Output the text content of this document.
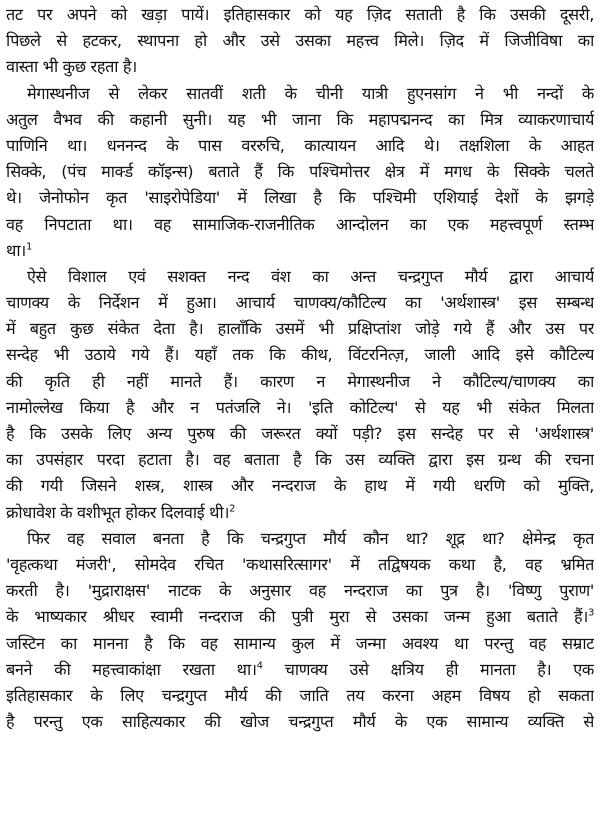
तट पर अपने को खड़ा पायें। इतिहासकार को यह ज़िद सताती है कि उसकी दूसरी,
पिछले से हटकर, स्थापना हो और उसे उसका महत्त्व मिले। ज़िद में जिजीविषा का
वास्ता भी कुछ रहता है।
मेगास्थनीज से लेकर सातवीं शती के चीनी यात्री हुएनसांग ने भी नन्दों के
अतुल वैभव की कहानी सुनी। यह भी जाना कि महापद्मनन्द का मित्र व्याकरणाचार्य
पाणिनि था। धननन्द के पास वररुचि, कात्यायन आदि थे। तक्षशिला के आहत
सिक्के, (पंच मार्क्ड कॉइन्स) बताते हैं कि पश्चिमोत्तर क्षेत्र में मगध के सिक्के चलते
थे। जेनोफोन कृत 'साइरोपेडिया' में लिखा है कि पश्चिमी एशियाई देशों के झगड़े
वह निपटाता था। वह सामाजिक-राजनीतिक आन्दोलन का एक महत्त्वपूर्ण स्तम्भ
था।$^1$
ऐसे विशाल एवं सशक्त नन्द वंश का अन्त चन्द्रगुप्त मौर्य द्वारा आचार्य
चाणक्य के निर्देशन में हुआ। आचार्य चाणक्य/कौटिल्य का 'अर्थशास्त्र' इस सम्बन्ध
में बहुत कुछ संकेत देता है। हालाँकि उसमें भी प्रक्षिप्तांश जोड़े गये हैं और उस पर
सन्देह भी उठाये गये हैं। यहाँ तक कि कीथ, विंटरनित्ज़, जाली आदि इसे कौटिल्य
की कृति ही नहीं मानते हैं। कारण न मेगास्थनीज ने कौटिल्य/चाणक्य का
नामोल्लेख किया है और न पतंजलि ने। 'इति कोटिल्य' से यह भी संकेत मिलता
है कि उसके लिए अन्य पुरुष की जरूरत क्यों पड़ी? इस सन्देह पर से 'अर्थशास्त्र'
का उपसंहार परदा हटाता है। वह बताता है कि उस व्यक्ति द्वारा इस ग्रन्थ की रचना
की गयी जिसने शस्त्र, शास्त्र और नन्दराज के हाथ में गयी धरणि को मुक्ति,
क्रोधावेश के वशीभूत होकर दिलवाई थी।$^2$
फिर वह सवाल बनता है कि चन्द्रगुप्त मौर्य कौन था? शूद्र था? क्षेमेन्द्र कृत
'वृहत्कथा मंजरी', सोमदेव रचित 'कथासरित्सागर' में तद्विषयक कथा है, वह भ्रमित
करती है। 'मुद्राराक्षस' नाटक के अनुसार वह नन्दराज का पुत्र है। 'विष्णु पुराण'
के भाष्यकार श्रीधर स्वामी नन्दराज की पुत्री मुरा से उसका जन्म हुआ बताते हैं।$^3$
जस्टिन का मानना है कि वह सामान्य कुल में जन्मा अवश्य था परन्तु वह सम्राट
बनने की महत्त्वाकांक्षा रखता था।$^4$ चाणक्य उसे क्षत्रिय ही मानता है। एक
इतिहासकार के लिए चन्द्रगुप्त मौर्य की जाति तय करना अहम विषय हो सकता
है परन्तु एक साहित्यकार की खोज चन्द्रगुप्त मौर्य के एक सामान्य व्यक्ति से
